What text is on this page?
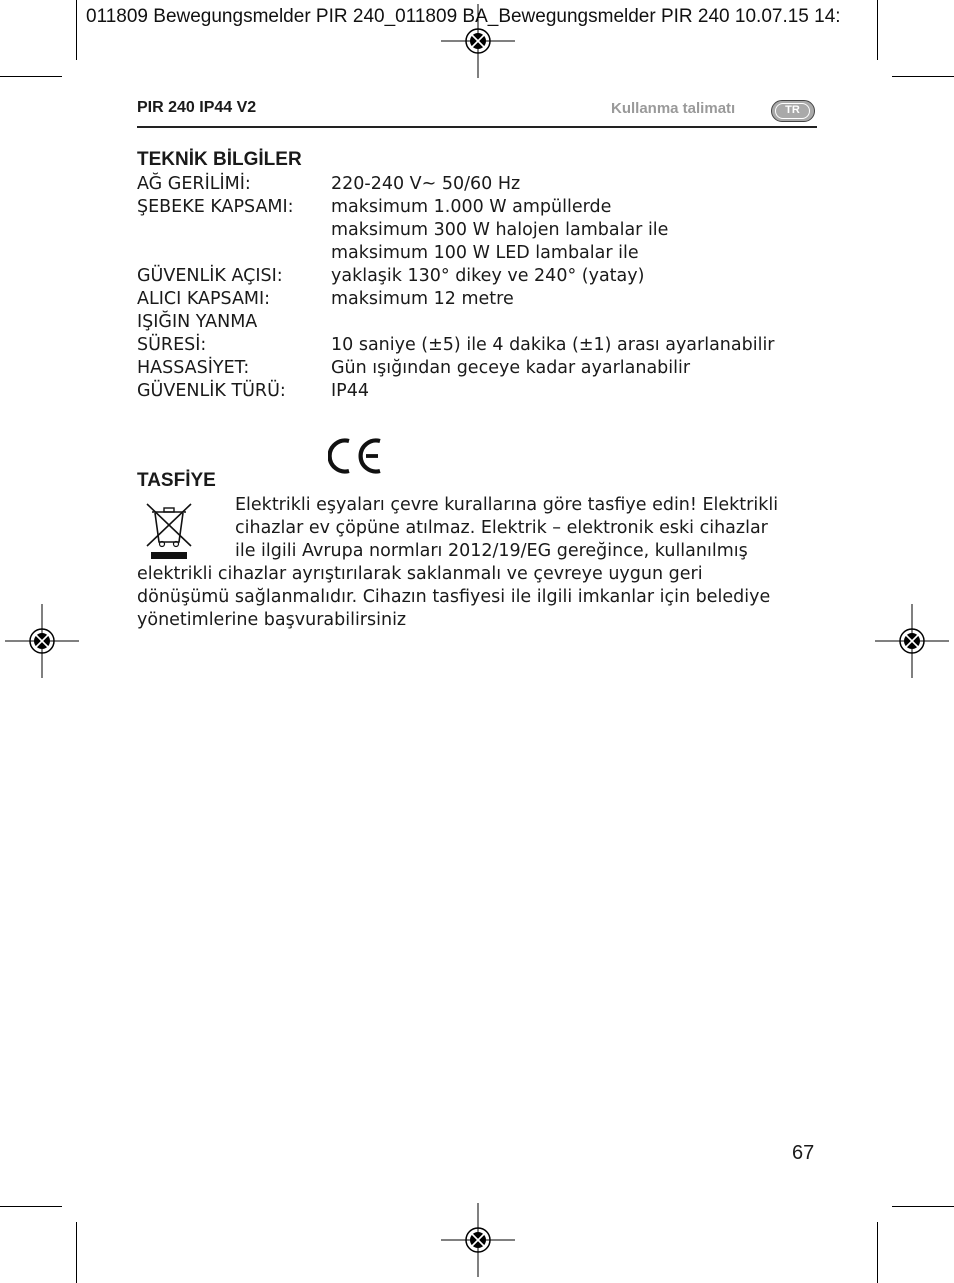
011809 Bewegungsmelder PIR 240_011809 BA_Bewegungsmelder PIR 240 10.07.15 14:
PIR 240 IP44 V2	Kullanma talimatı	TR
TEKNİK BİLGİLER
AĞ GERİLİMİ:	220-240 V~ 50/60 Hz
ŞEBEKE KAPSAMI:	maksimum 1.000 W ampüllerde
maksimum 300 W halojen lambalar ile
maksimum 100 W LED lambalar ile
GÜVENLİK AÇISI:	yaklaşik 130° dikey ve 240° (yatay)
ALICI KAPSAMI:	maksimum 12 metre
IŞIĞIN YANMA
SÜRESİ:	10 saniye (±5) ile 4 dakika (±1) arası ayarlanabilir
HASSASİYET:	Gün ışığından geceye kadar ayarlanabilir
GÜVENLİK TÜRÜ:	IP44
TASFİYE
Elektrikli eşyaları çevre kurallarına göre tasfiye edin! Elektrikli
cihazlar ev çöpüne atılmaz. Elektrik – elektronik eski cihazlar
ile ilgili Avrupa normları 2012/19/EG gereğince, kullanılmış
elektrikli cihazlar ayrıştırılarak saklanmalı ve çevreye uygun geri
dönüşümü sağlanmalıdır. Cihazın tasfiyesi ile ilgili imkanlar için belediye
yönetimlerine başvurabilirsiniz
67
